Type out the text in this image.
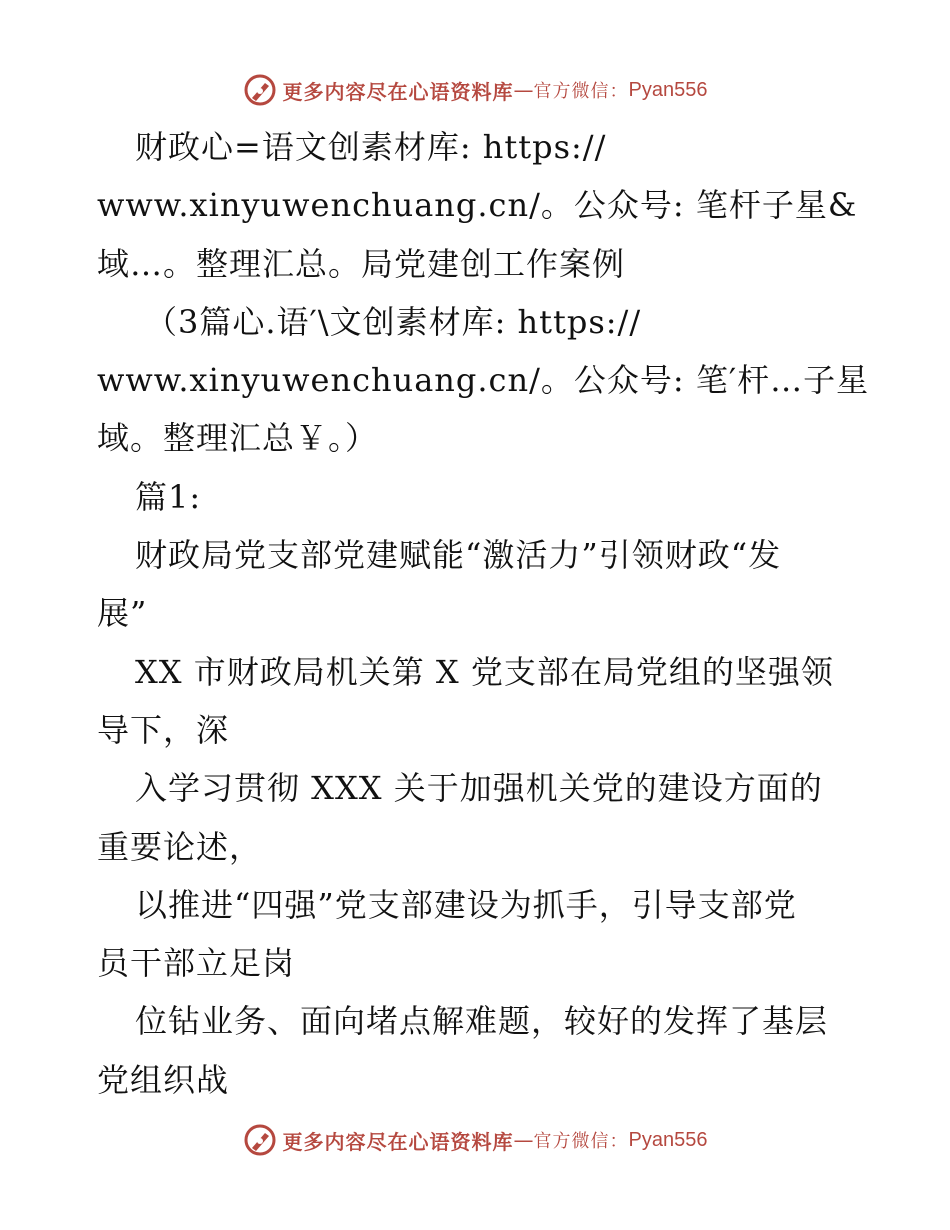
更多内容尽在心语资料库 — 官方微信： Pyan556
财政心=语文创素材库: https://
www.xinyuwenchuang.cn/。公众号: 笔杆子星&
域…。整理汇总。局党建创工作案例
（3篇心.语′\文创素材库: https://
www.xinyuwenchuang.cn/。公众号: 笔′杆…子星
域。整理汇总￥。）
篇1:
财政局党支部党建赋能“激活力”引领财政“发
展”
XX 市财政局机关第 X 党支部在局党组的坚强领
导下，深
入学习贯彻 XXX 关于加强机关党的建设方面的
重要论述，
以推进“四强”党支部建设为抓手，引导支部党
员干部立足岗
位钻业务、面向堵点解难题，较好的发挥了基层
党组织战
更多内容尽在心语资料库 — 官方微信： Pyan556
